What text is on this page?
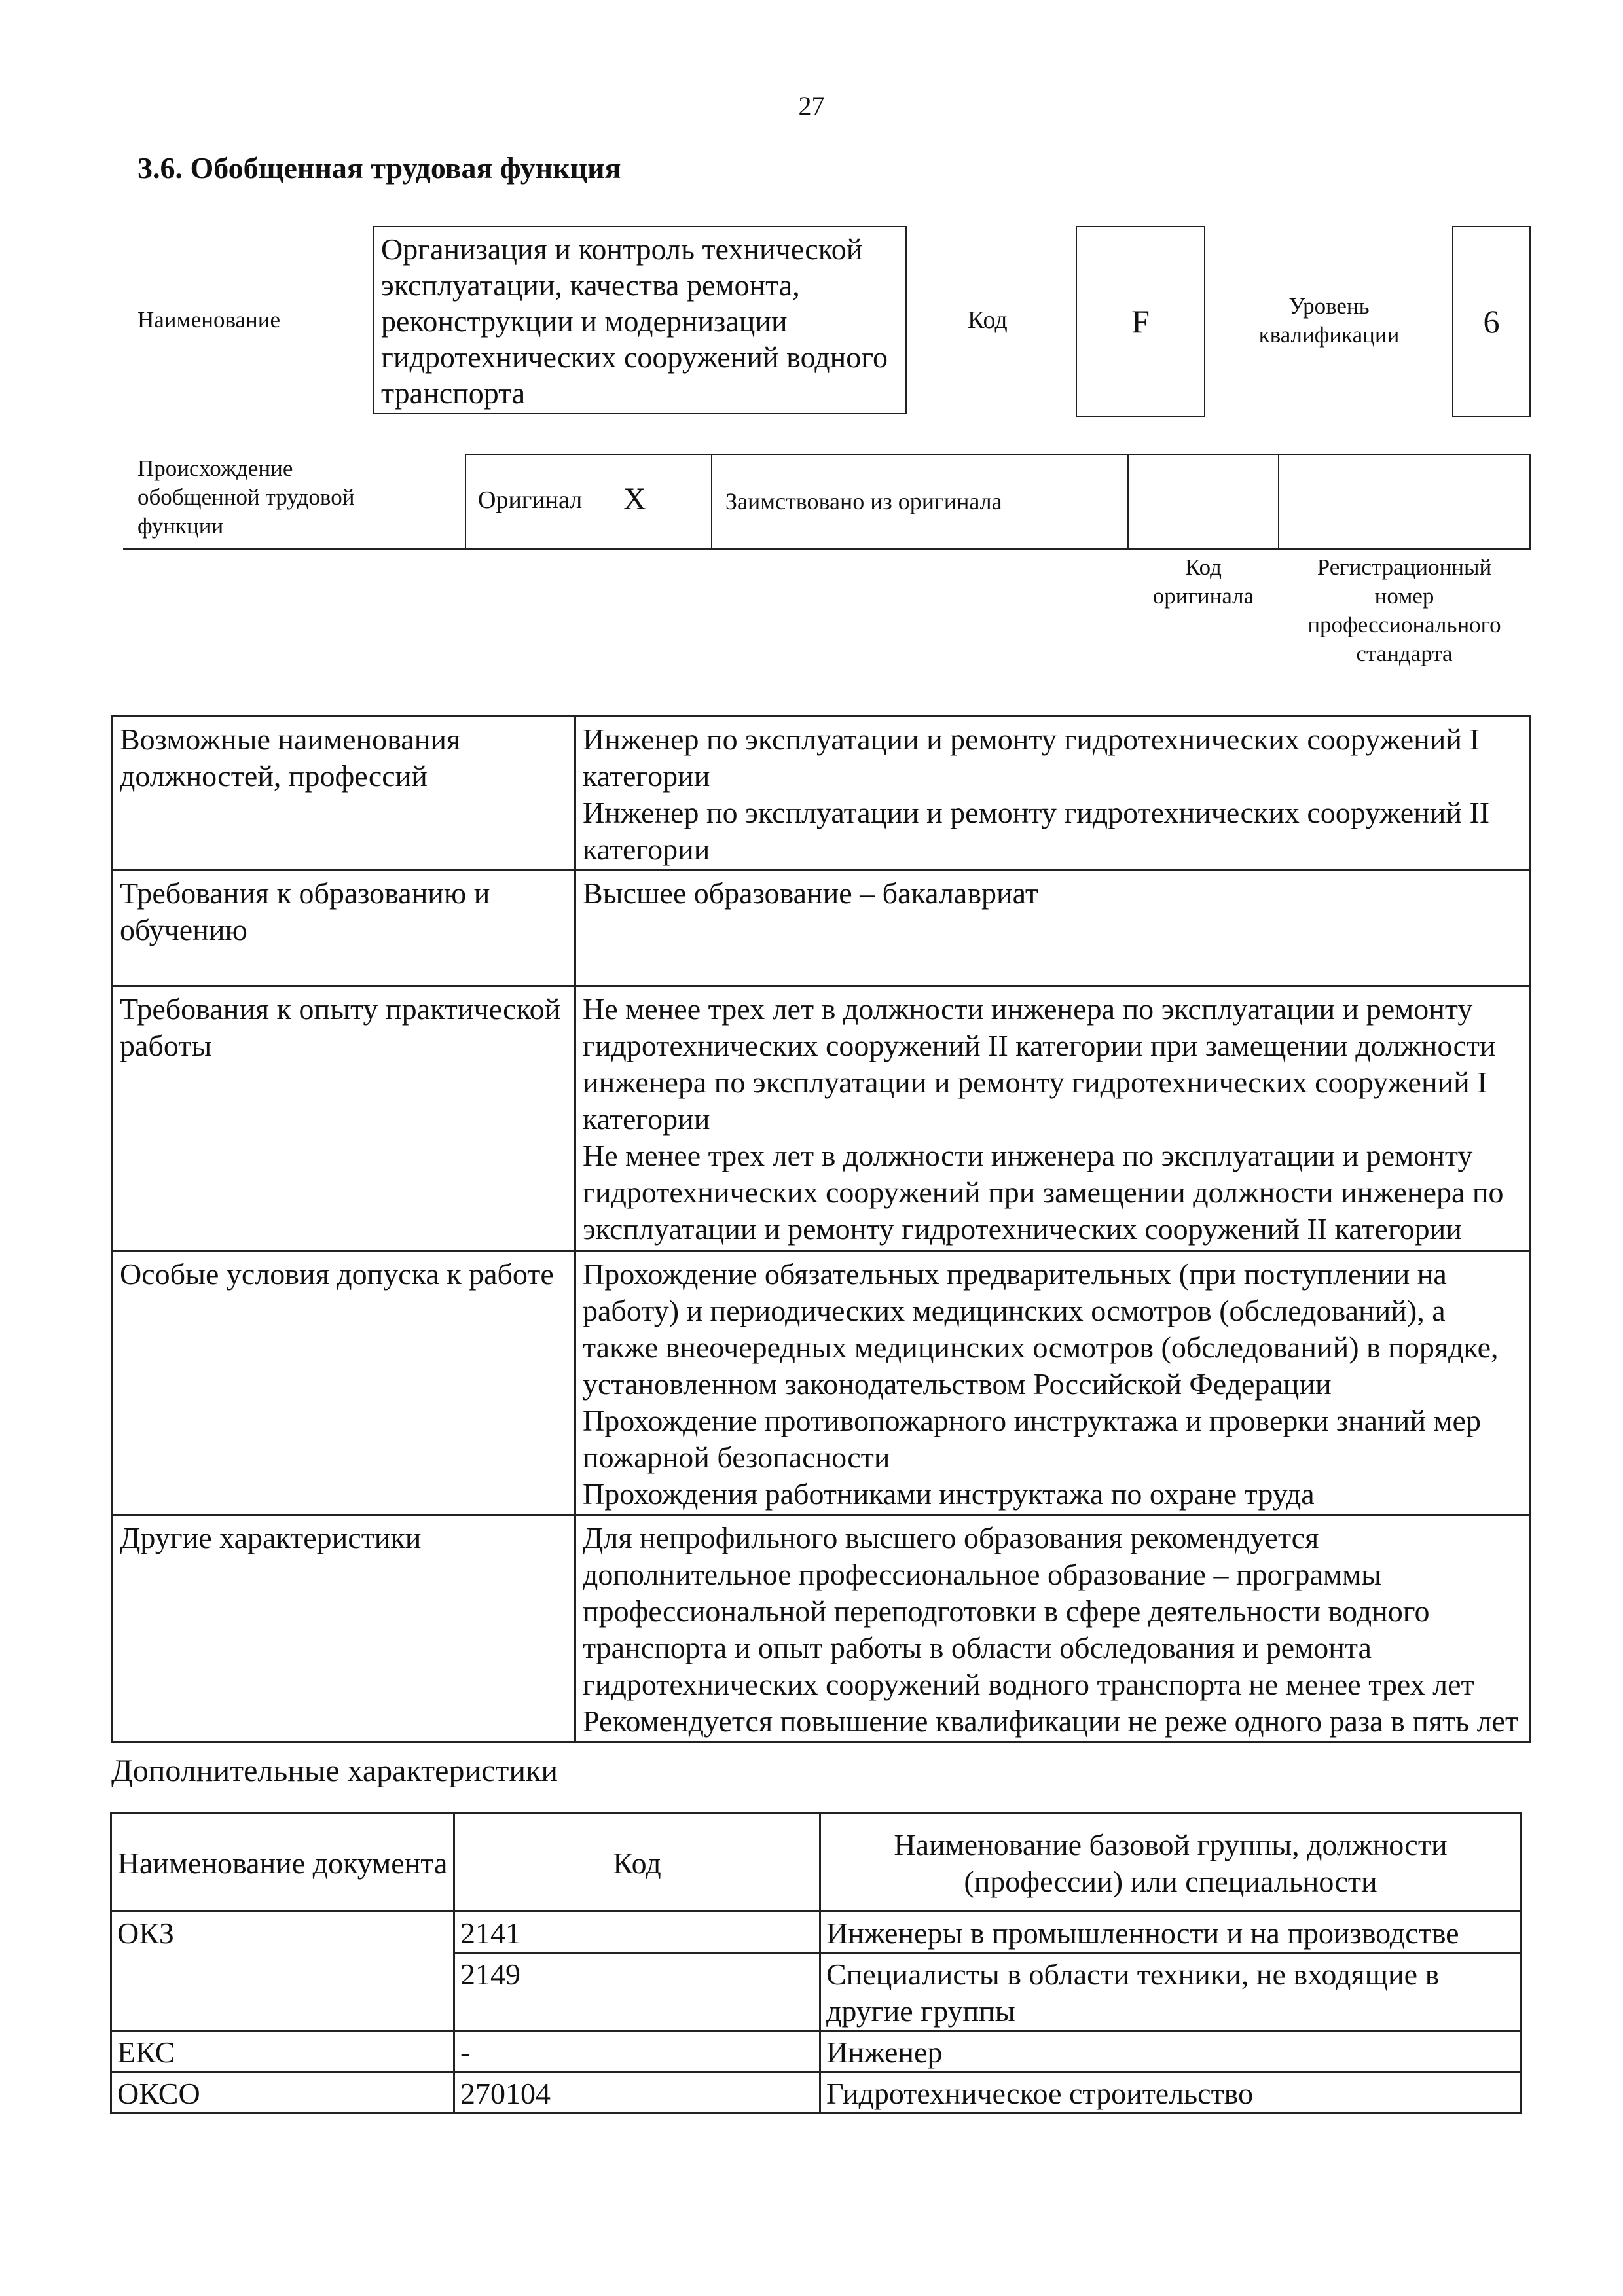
27
3.6. Обобщенная трудовая функция
Наименование
Организация и контроль технической эксплуатации, качества ремонта, реконструкции и модернизации гидротехнических сооружений водного транспорта
Код	F	Уровень
квалификации	6
Происхождение
обобщенной трудовой
функции
Оригинал X	Заимствовано из оригинала
Код
оригинала
Регистрационный
номер
профессионального
стандарта
Возможные наименования должностей, профессий	Инженер по эксплуатации и ремонту гидротехнических сооружений I категории
Инженер по эксплуатации и ремонту гидротехнических сооружений II категории

Требования к образованию и обучению	Высшее образование – бакалавриат

Требования к опыту практической работы	Не менее трех лет в должности инженера по эксплуатации и ремонту гидротехнических сооружений II категории при замещении должности инженера по эксплуатации и ремонту гидротехнических сооружений I категории
Не менее трех лет в должности инженера по эксплуатации и ремонту гидротехнических сооружений при замещении должности инженера по эксплуатации и ремонту гидротехнических сооружений II категории

Особые условия допуска к работе	Прохождение обязательных предварительных (при поступлении на работу) и периодических медицинских осмотров (обследований), а также внеочередных медицинских осмотров (обследований) в порядке, установленном законодательством Российской Федерации
Прохождение противопожарного инструктажа и проверки знаний мер пожарной безопасности
Прохождения работниками инструктажа по охране труда

Другие характеристики	Для непрофильного высшего образования рекомендуется дополнительное профессиональное образование – программы профессиональной переподготовки в сфере деятельности водного транспорта и опыт работы в области обследования и ремонта гидротехнических сооружений водного транспорта не менее трех лет
Рекомендуется повышение квалификации не реже одного раза в пять лет
Дополнительные характеристики
Наименование документа	Код	Наименование базовой группы, должности (профессии) или специальности
ОКЗ	2141	Инженеры в промышленности и на производстве
	2149	Специалисты в области техники, не входящие в другие группы
ЕКС	-	Инженер
ОКСО	270104	Гидротехническое строительство
